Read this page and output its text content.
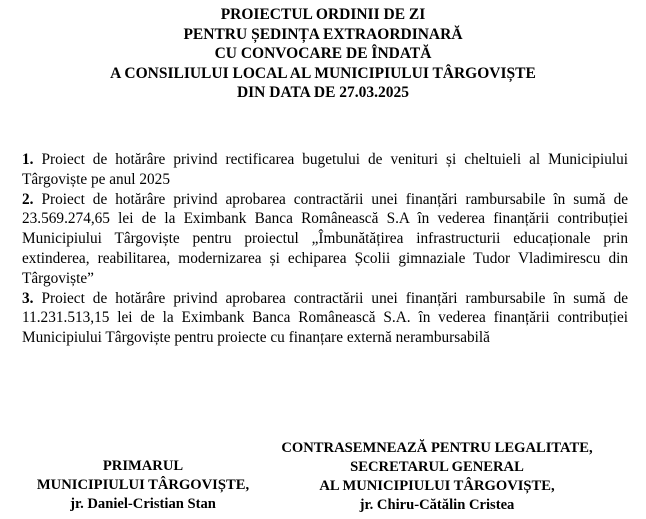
PROIECTUL ORDINII DE ZI
PENTRU ȘEDINȚA EXTRAORDINARĂ
CU CONVOCARE DE ÎNDATĂ
A CONSILIULUI LOCAL AL MUNICIPIULUI TÂRGOVIȘTE
DIN DATA DE 27.03.2025

1. Proiect de hotărâre privind rectificarea bugetului de venituri și cheltuieli al Municipiului Târgoviște pe anul 2025

2. Proiect de hotărâre privind aprobarea contractării unei finanțări rambursabile în sumă de 23.569.274,65 lei de la Eximbank Banca Românească S.A în vederea finanțării contribuției Municipiului Târgoviște pentru proiectul „Îmbunătățirea infrastructurii educaționale prin extinderea, reabilitarea, modernizarea și echiparea Școlii gimnaziale Tudor Vladimirescu din Târgoviște”

3. Proiect de hotărâre privind aprobarea contractării unei finanțări rambursabile în sumă de 11.231.513,15 lei de la Eximbank Banca Românească S.A. în vederea finanțării contribuției Municipiului Târgoviște pentru proiecte cu finanțare externă nerambursabilă

PRIMARUL
MUNICIPIULUI TÂRGOVIȘTE,
jr. Daniel-Cristian Stan
CONTRASEMNEAZĂ PENTRU LEGALITATE,
SECRETARUL GENERAL
AL MUNICIPIULUI TÂRGOVIȘTE,
jr. Chiru-Cătălin Cristea
